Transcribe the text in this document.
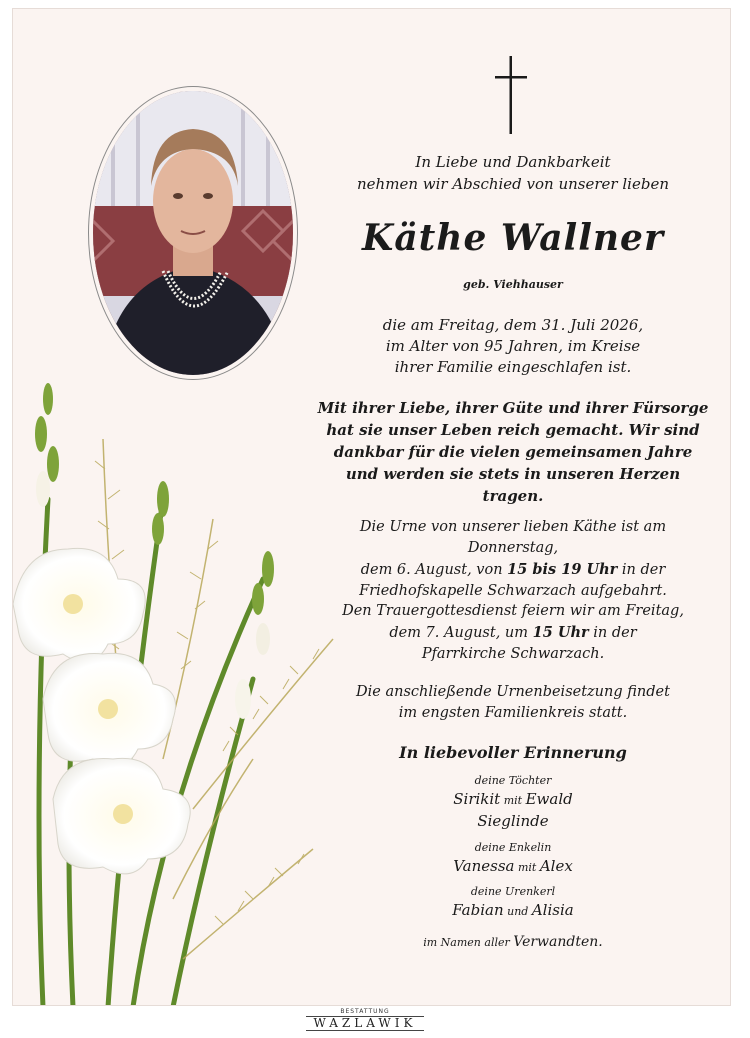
In Liebe und Dankbarkeit
nehmen wir Abschied von unserer lieben
Käthe Wallner
geb. Viehhauser
die am Freitag, dem 31. Juli 2026,
im Alter von 95 Jahren, im Kreise
ihrer Familie eingeschlafen ist.
Mit ihrer Liebe, ihrer Güte und ihrer Fürsorge
hat sie unser Leben reich gemacht. Wir sind
dankbar für die vielen gemeinsamen Jahre
und werden sie stets in unseren Herzen tragen.
Die Urne von unserer lieben Käthe ist am Donnerstag,
dem 6. August, von 15 bis 19 Uhr in der
Friedhofskapelle Schwarzach aufgebahrt.
Den Trauergottesdienst feiern wir am Freitag,
dem 7. August, um 15 Uhr in der
Pfarrkirche Schwarzach.
Die anschließende Urnenbeisetzung findet
im engsten Familienkreis statt.
In liebevoller Erinnerung
deine Töchter
Sirikit mit Ewald
Sieglinde
deine Enkelin
Vanessa mit Alex
deine Urenkerl
Fabian und Alisia
im Namen aller Verwandten.
BESTATTUNG
WAZLAWIK
